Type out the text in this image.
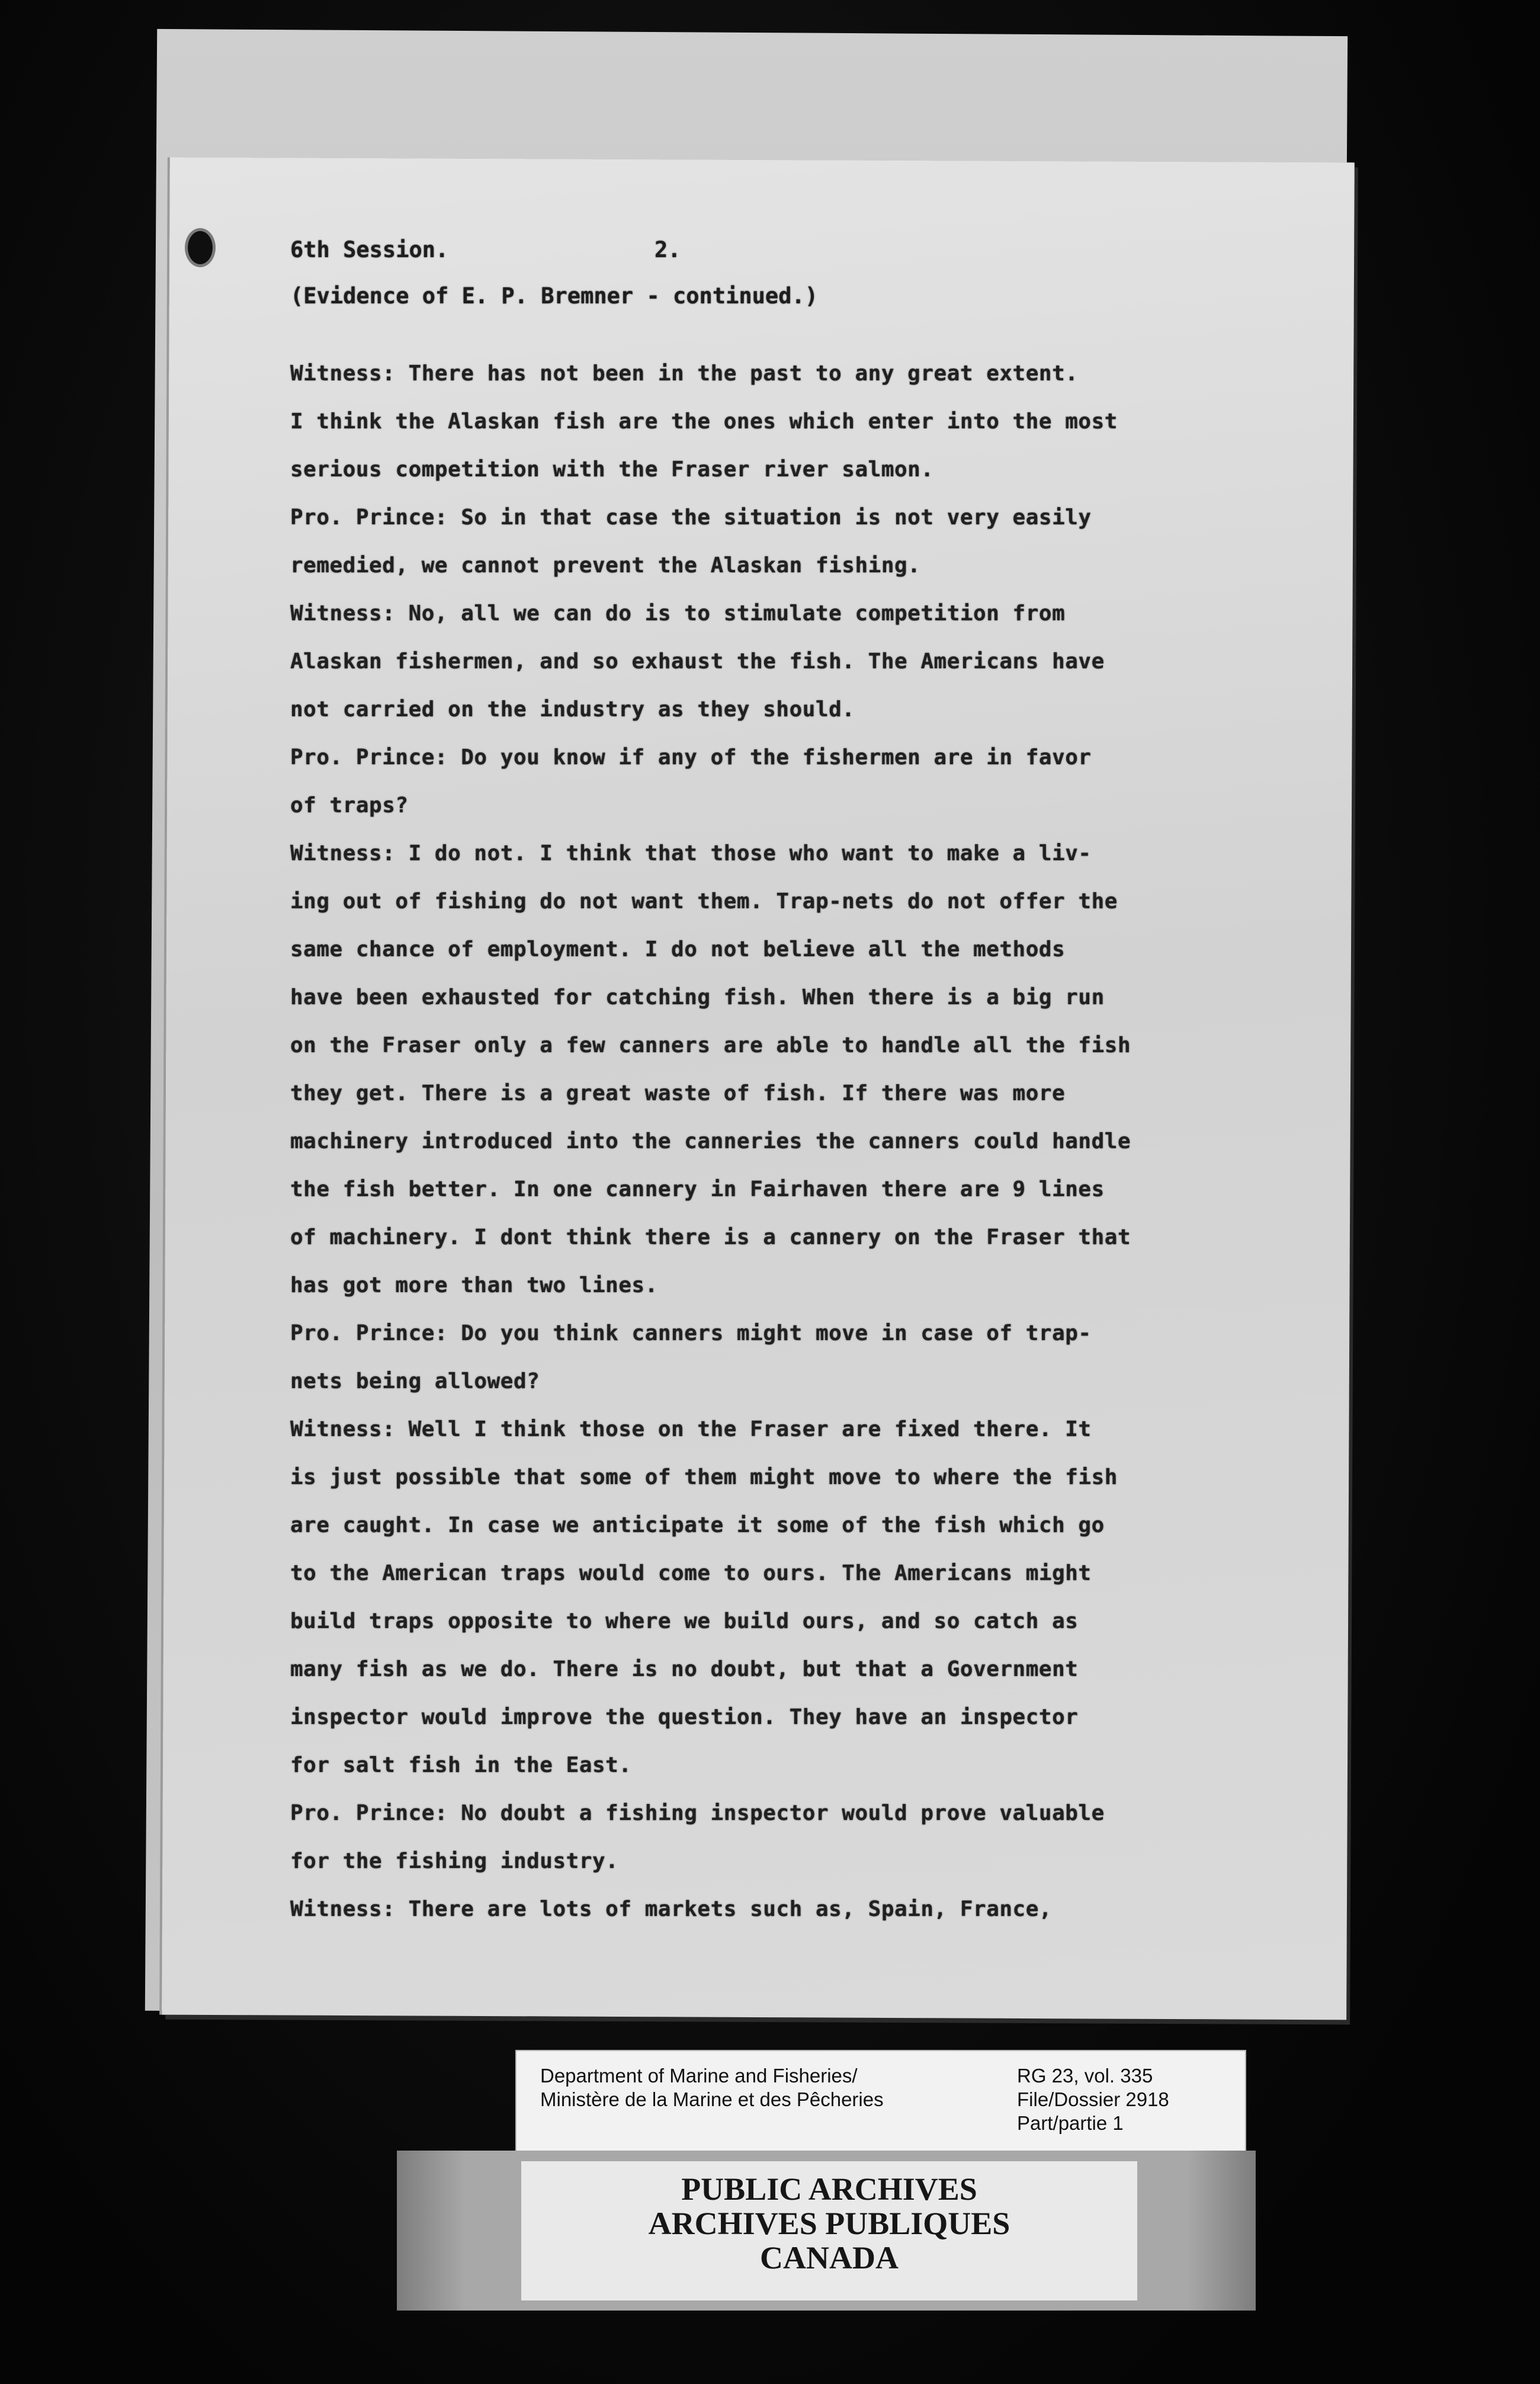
6th Session.	2.
(Evidence of E. P. Bremner - continued.)
Witness: There has not been in the past to any great extent.
I think the Alaskan fish are the ones which enter into the most
serious competition with the Fraser river salmon.
Pro. Prince: So in that case the situation is not very easily
remedied, we cannot prevent the Alaskan fishing.
Witness: No, all we can do is to stimulate competition from
Alaskan fishermen, and so exhaust the fish. The Americans have
not carried on the industry as they should.
Pro. Prince: Do you know if any of the fishermen are in favor
of traps?
Witness: I do not. I think that those who want to make a liv-
ing out of fishing do not want them. Trap-nets do not offer the
same chance of employment. I do not believe all the methods
have been exhausted for catching fish. When there is a big run
on the Fraser only a few canners are able to handle all the fish
they get. There is a great waste of fish. If there was more
machinery introduced into the canneries the canners could handle
the fish better. In one cannery in Fairhaven there are 9 lines
of machinery. I dont think there is a cannery on the Fraser that
has got more than two lines.
Pro. Prince: Do you think canners might move in case of trap-
nets being allowed?
Witness: Well I think those on the Fraser are fixed there. It
is just possible that some of them might move to where the fish
are caught. In case we anticipate it some of the fish which go
to the American traps would come to ours. The Americans might
build traps opposite to where we build ours, and so catch as
many fish as we do. There is no doubt, but that a Government
inspector would improve the question. They have an inspector
for salt fish in the East.
Pro. Prince: No doubt a fishing inspector would prove valuable
for the fishing industry.
Witness: There are lots of markets such as, Spain, France,
Department of Marine and Fisheries/
Ministère de la Marine et des Pêcheries
RG 23, vol. 335
File/Dossier 2918
Part/partie 1
PUBLIC ARCHIVES
ARCHIVES PUBLIQUES
CANADA
